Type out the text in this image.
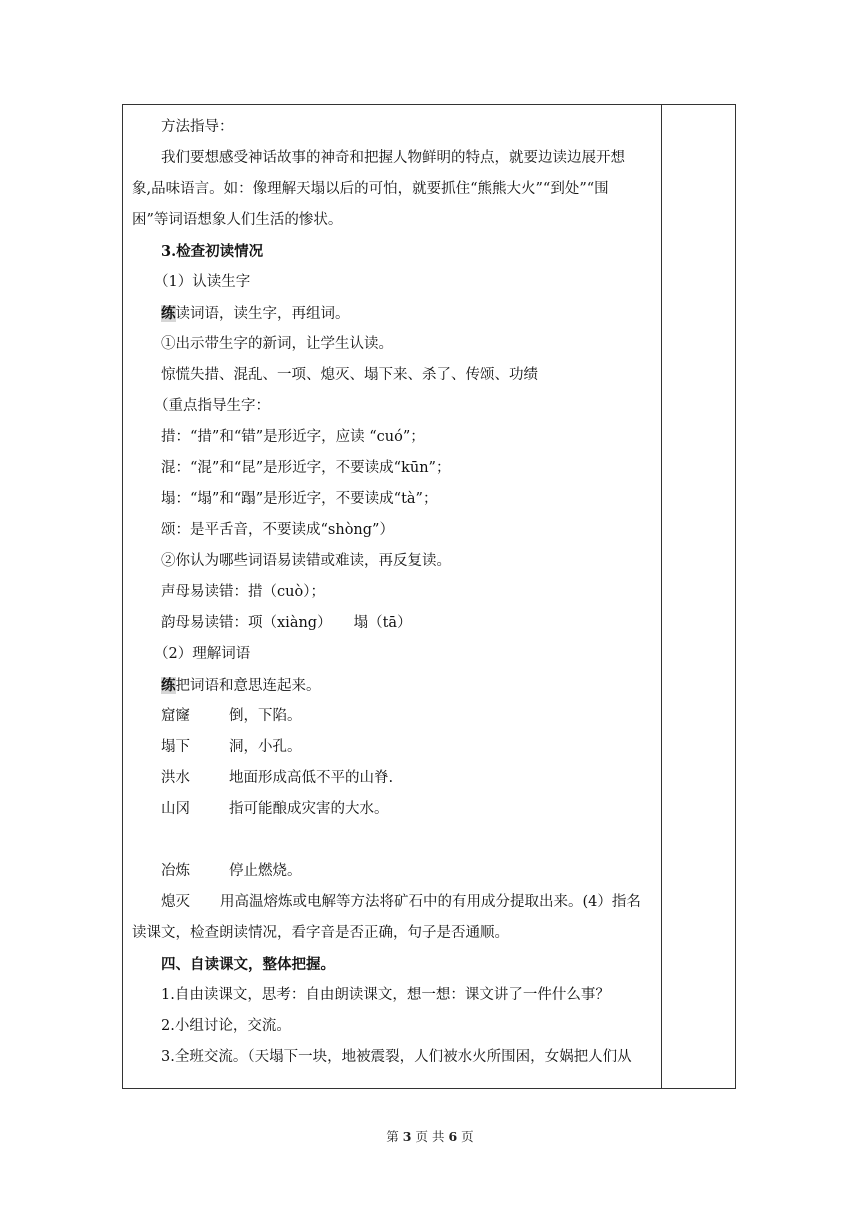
方法指导：
我们要想感受神话故事的神奇和把握人物鲜明的特点，就要边读边展开想
象,品味语言。如：像理解天塌以后的可怕，就要抓住“熊熊大火”“到处”“围
困”等词语想象人们生活的惨状。
3.检查初读情况
（1）认读生字
练读词语，读生字，再组词。
①出示带生字的新词，让学生认读。
惊慌失措、混乱、一项、熄灭、塌下来、杀了、传颂、功绩
（重点指导生字：
措：“措”和“错”是形近字，应读 “cuó”；
混：“混”和“昆”是形近字，不要读成“kūn”；
塌：“塌”和“蹋”是形近字，不要读成“tà”；
颂：是平舌音，不要读成“shòng”）
②你认为哪些词语易读错或难读，再反复读。
声母易读错：措（cuò）；
韵母易读错：项（xiàng） 塌（tā）
（2）理解词语
练把词语和意思连起来。
窟窿	倒，下陷。
塌下	洞，小孔。
洪水	地面形成高低不平的山脊.
山冈	指可能酿成灾害的大水。
冶炼	停止燃烧。
熄灭 用高温熔炼或电解等方法将矿石中的有用成分提取出来。(4）指名
读课文，检查朗读情况，看字音是否正确，句子是否通顺。
四、自读课文，整体把握。
1.自由读课文，思考：自由朗读课文，想一想：课文讲了一件什么事？
2.小组讨论，交流。
3.全班交流。（天塌下一块，地被震裂，人们被水火所围困，女娲把人们从
第 3 页 共 6 页
